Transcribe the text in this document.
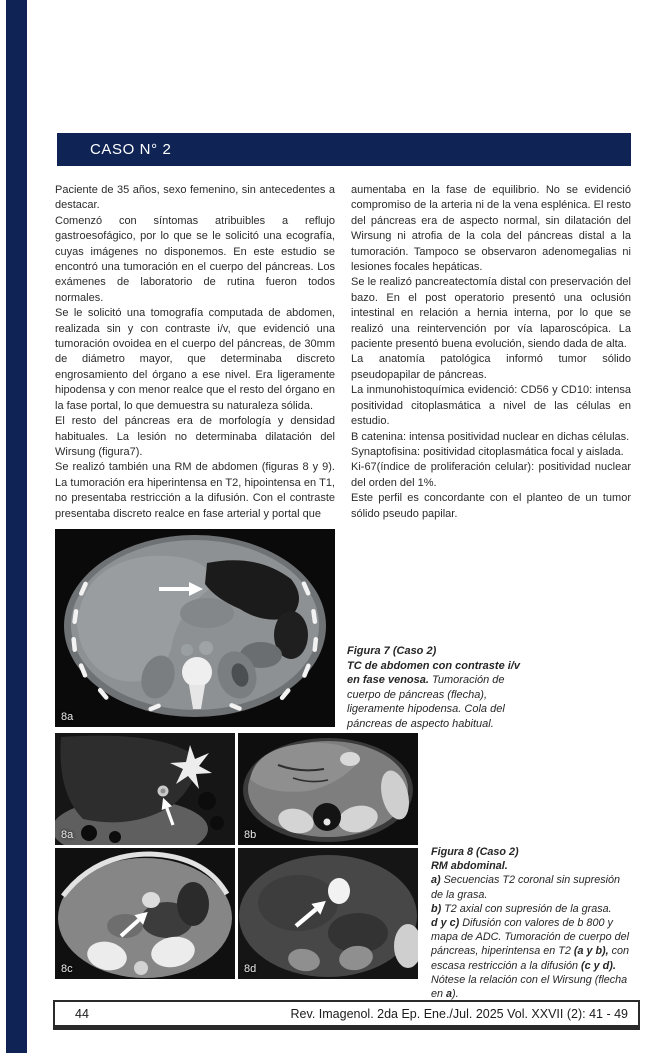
CASO N° 2

Paciente de 35 años, sexo femenino, sin antecedentes a destacar.

Comenzó con síntomas atribuibles a reflujo gastroesofágico, por lo que se le solicitó una ecografía, cuyas imágenes no disponemos. En este estudio se encontró una tumoración en el cuerpo del páncreas. Los exámenes de laboratorio de rutina fueron todos normales.

Se le solicitó una tomografía computada de abdomen, realizada sin y con contraste i/v, que evidenció una tumoración ovoidea en el cuerpo del páncreas, de 30mm de diámetro mayor, que determinaba discreto engrosamiento del órgano a ese nivel. Era ligeramente hipodensa y con menor realce que el resto del órgano en la fase portal, lo que demuestra su naturaleza sólida.

El resto del páncreas era de morfología y densidad habituales. La lesión no determinaba dilatación del Wirsung (figura7).

Se realizó también una RM de abdomen (figuras 8 y 9). La tumoración era hiperintensa en T2, hipointensa en T1, no presentaba restricción a la difusión. Con el contraste presentaba discreto realce en fase arterial y portal que

aumentaba en la fase de equilibrio. No se evidenció compromiso de la arteria ni de la vena esplénica. El resto del páncreas era de aspecto normal, sin dilatación del Wirsung ni atrofia de la cola del páncreas distal a la tumoración. Tampoco se observaron adenomegalias ni lesiones focales hepáticas.

Se le realizó pancreatectomía distal con preservación del bazo. En el post operatorio presentó una oclusión intestinal en relación a hernia interna, por lo que se realizó una reintervención por vía laparoscópica. La paciente presentó buena evolución, siendo dada de alta.

La anatomía patológica informó tumor sólido pseudopapilar de páncreas.

La inmunohistoquímica evidenció: CD56 y CD10: intensa positividad citoplasmática a nivel de las células en estudio.

B catenina: intensa positividad nuclear en dichas células.

Synaptofisina: positividad citoplasmática focal y aislada.

Ki-67(índice de proliferación celular): positividad nuclear del orden del 1%.

Este perfil es concordante con el planteo de un tumor sólido pseudo papilar.

8a
Figura 7 (Caso 2)
TC de abdomen con contraste i/v en fase venosa. Tumoración de cuerpo de páncreas (flecha), ligeramente hipodensa. Cola del páncreas de aspecto habitual.
8a	8b
8c	8d
Figura 8 (Caso 2)
RM abdominal.
a) Secuencias T2 coronal sin supresión de la grasa.
b) T2 axial con supresión de la grasa.
d y c) Difusión con valores de b 800 y mapa de ADC. Tumoración de cuerpo del páncreas, hiperintensa en T2 (a y b), con escasa restricción a la difusión (c y d). Nótese la relación con el Wirsung (flecha en a).
44	Rev. Imagenol. 2da Ep. Ene./Jul. 2025 Vol. XXVII (2): 41 - 49
